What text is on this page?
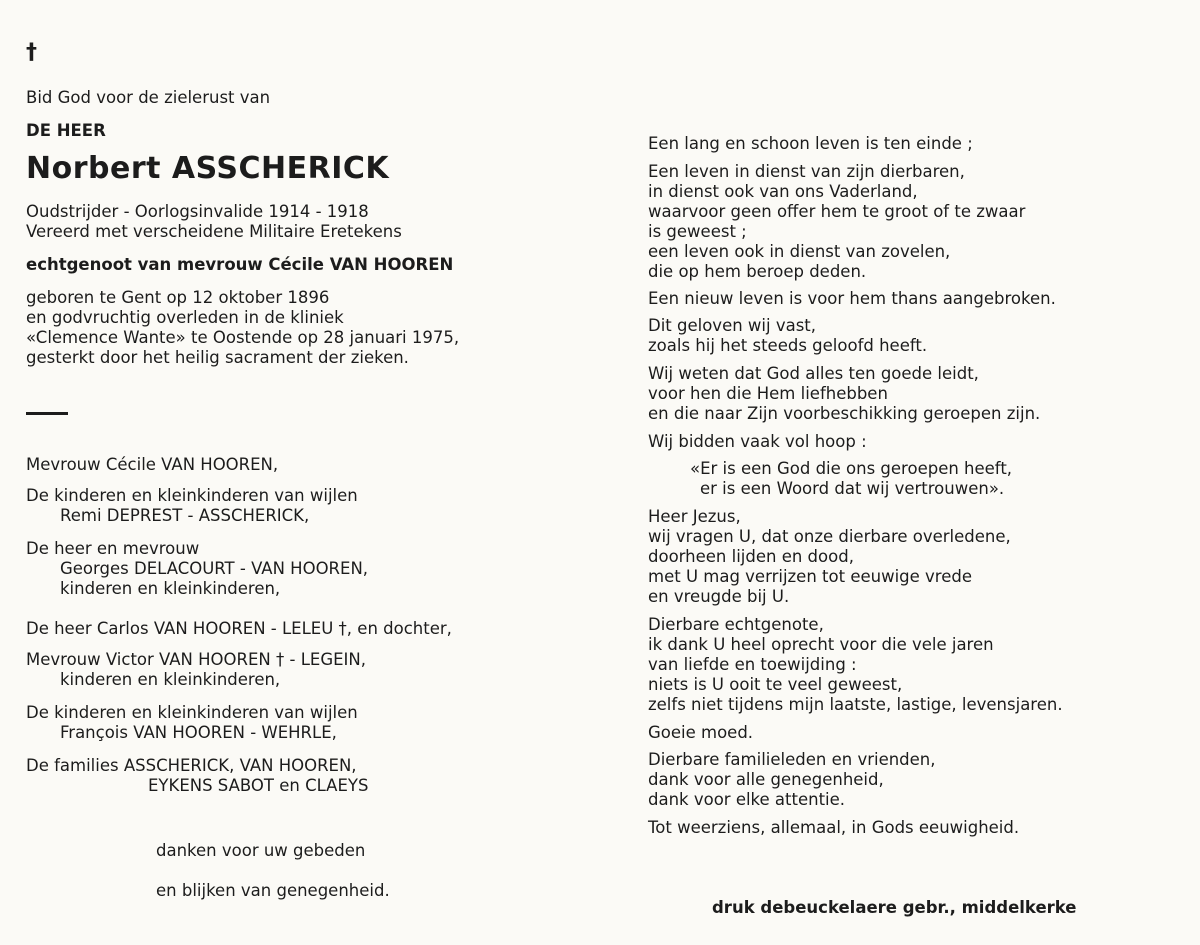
†
Bid God voor de zielerust van
DE HEER
Norbert ASSCHERICK
Oudstrijder - Oorlogsinvalide 1914 - 1918
Vereerd met verscheidene Militaire Eretekens
echtgenoot van mevrouw Cécile VAN HOOREN
geboren te Gent op 12 oktober 1896
en godvruchtig overleden in de kliniek
«Clemence Wante» te Oostende op 28 januari 1975,
gesterkt door het heilig sacrament der zieken.
Mevrouw Cécile VAN HOOREN,
De kinderen en kleinkinderen van wijlen
Remi DEPREST - ASSCHERICK,
De heer en mevrouw
Georges DELACOURT - VAN HOOREN,
kinderen en kleinkinderen,
De heer Carlos VAN HOOREN - LELEU †, en dochter,
Mevrouw Victor VAN HOOREN † - LEGEIN,
kinderen en kleinkinderen,
De kinderen en kleinkinderen van wijlen
François VAN HOOREN - WEHRLE,
De families ASSCHERICK, VAN HOOREN,
EYKENS SABOT en CLAEYS
danken voor uw gebeden
en blijken van genegenheid.
Een lang en schoon leven is ten einde ;
Een leven in dienst van zijn dierbaren,
in dienst ook van ons Vaderland,
waarvoor geen offer hem te groot of te zwaar
is geweest ;
een leven ook in dienst van zovelen,
die op hem beroep deden.
Een nieuw leven is voor hem thans aangebroken.
Dit geloven wij vast,
zoals hij het steeds geloofd heeft.
Wij weten dat God alles ten goede leidt,
voor hen die Hem liefhebben
en die naar Zijn voorbeschikking geroepen zijn.
Wij bidden vaak vol hoop :
«Er is een God die ons geroepen heeft,
er is een Woord dat wij vertrouwen».
Heer Jezus,
wij vragen U, dat onze dierbare overledene,
doorheen lijden en dood,
met U mag verrijzen tot eeuwige vrede
en vreugde bij U.
Dierbare echtgenote,
ik dank U heel oprecht voor die vele jaren
van liefde en toewijding :
niets is U ooit te veel geweest,
zelfs niet tijdens mijn laatste, lastige, levensjaren.
Goeie moed.
Dierbare familieleden en vrienden,
dank voor alle genegenheid,
dank voor elke attentie.
Tot weerziens, allemaal, in Gods eeuwigheid.
druk debeuckelaere gebr., middelkerke
